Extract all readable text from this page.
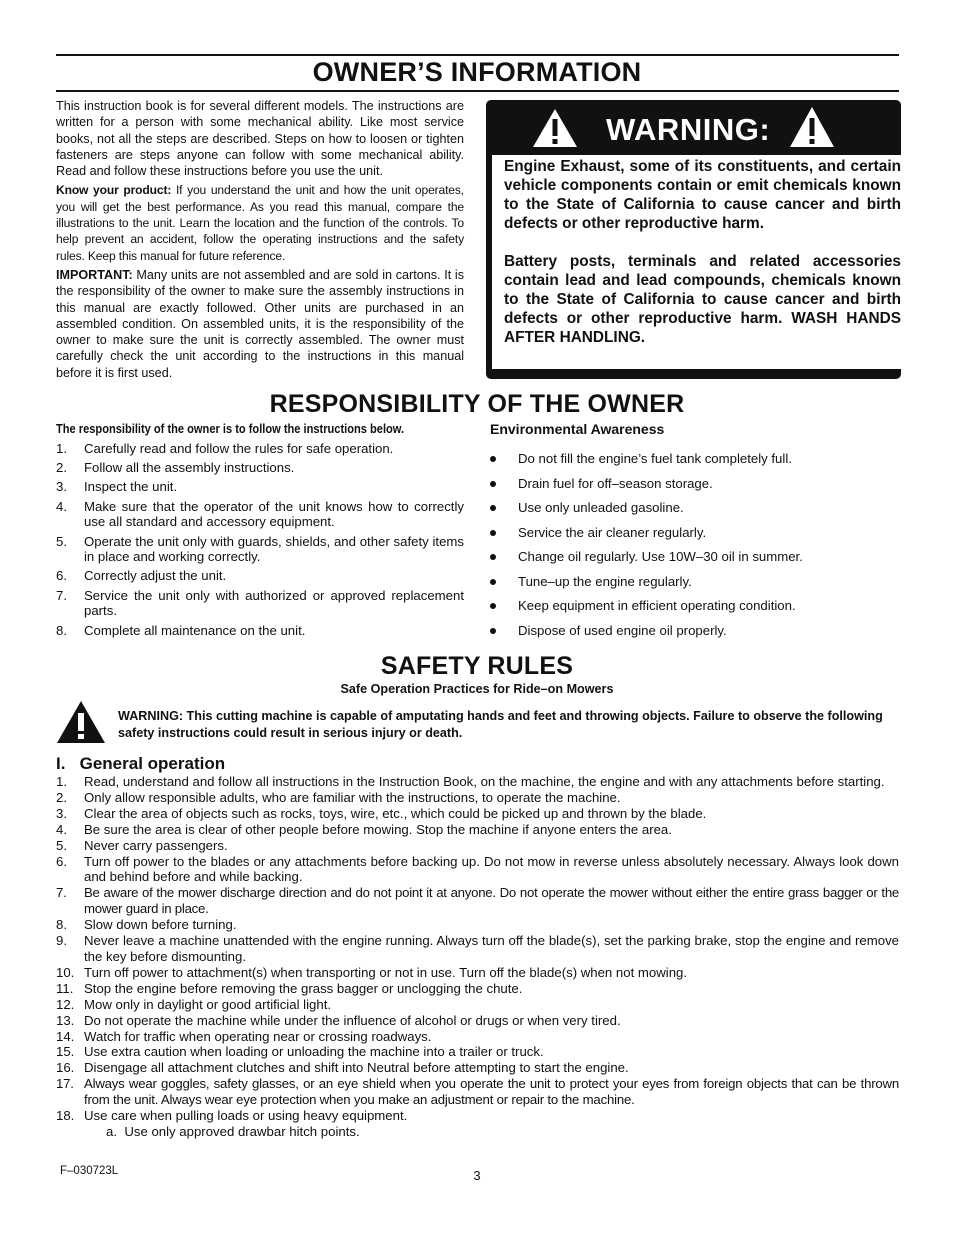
OWNER’S INFORMATION

This instruction book is for several different models. The instructions are written for a person with some mechanical ability. Like most service books, not all the steps are described. Steps on how to loosen or tighten fasteners are steps anyone can follow with some mechanical ability. Read and follow these instructions before you use the unit.

Know your product: If you understand the unit and how the unit operates, you will get the best performance. As you read this manual, compare the illustrations to the unit. Learn the location and the function of the controls. To help prevent an accident, follow the operating instructions and the safety rules. Keep this manual for future reference.

IMPORTANT: Many units are not assembled and are sold in cartons. It is the responsibility of the owner to make sure the assembly instructions in this manual are exactly followed. Other units are purchased in an assembled condition. On assembled units, it is the responsibility of the owner to make sure the unit is correctly assembled. The owner must carefully check the unit according to the instructions in this manual before it is first used.

WARNING:

Engine Exhaust, some of its constituents, and certain vehicle components contain or emit chemicals known to the State of California to cause cancer and birth defects or other reproductive harm.

Battery posts, terminals and related accessories contain lead and lead compounds, chemicals known to the State of California to cause cancer and birth defects or other reproductive harm. WASH HANDS AFTER HANDLING.

RESPONSIBILITY OF THE OWNER
The responsibility of the owner is to follow the instructions below.
1. Carefully read and follow the rules for safe operation.
2. Follow all the assembly instructions.
3. Inspect the unit.
4. Make sure that the operator of the unit knows how to correctly use all standard and accessory equipment.
5. Operate the unit only with guards, shields, and other safety items in place and working correctly.
6. Correctly adjust the unit.
7. Service the unit only with authorized or approved replacement parts.
8. Complete all maintenance on the unit.
Environmental Awareness
Do not fill the engine’s fuel tank completely full.
Drain fuel for off–season storage.
Use only unleaded gasoline.
Service the air cleaner regularly.
Change oil regularly. Use 10W–30 oil in summer.
Tune–up the engine regularly.
Keep equipment in efficient operating condition.
Dispose of used engine oil properly.
SAFETY RULES
Safe Operation Practices for Ride–on Mowers
WARNING: This cutting machine is capable of amputating hands and feet and throwing objects. Failure to observe the following safety instructions could result in serious injury or death.
I.   General operation
1. Read, understand and follow all instructions in the Instruction Book, on the machine, the engine and with any attachments before starting.
2. Only allow responsible adults, who are familiar with the instructions, to operate the machine.
3. Clear the area of objects such as rocks, toys, wire, etc., which could be picked up and thrown by the blade.
4. Be sure the area is clear of other people before mowing. Stop the machine if anyone enters the area.
5. Never carry passengers.
6. Turn off power to the blades or any attachments before backing up. Do not mow in reverse unless absolutely necessary. Always look down and behind before and while backing.
7. Be aware of the mower discharge direction and do not point it at anyone. Do not operate the mower without either the entire grass bagger or the mower guard in place.
8. Slow down before turning.
9. Never leave a machine unattended with the engine running. Always turn off the blade(s), set the parking brake, stop the engine and remove the key before dismounting.
10. Turn off power to attachment(s) when transporting or not in use. Turn off the blade(s) when not mowing.
11. Stop the engine before removing the grass bagger or unclogging the chute.
12. Mow only in daylight or good artificial light.
13. Do not operate the machine while under the influence of alcohol or drugs or when very tired.
14. Watch for traffic when operating near or crossing roadways.
15. Use extra caution when loading or unloading the machine into a trailer or truck.
16. Disengage all attachment clutches and shift into Neutral before attempting to start the engine.
17. Always wear goggles, safety glasses, or an eye shield when you operate the unit to protect your eyes from foreign objects that can be thrown from the unit. Always wear eye protection when you make an adjustment or repair to the machine.
18. Use care when pulling loads or using heavy equipment.
a.  Use only approved drawbar hitch points.
F–030723L	3
